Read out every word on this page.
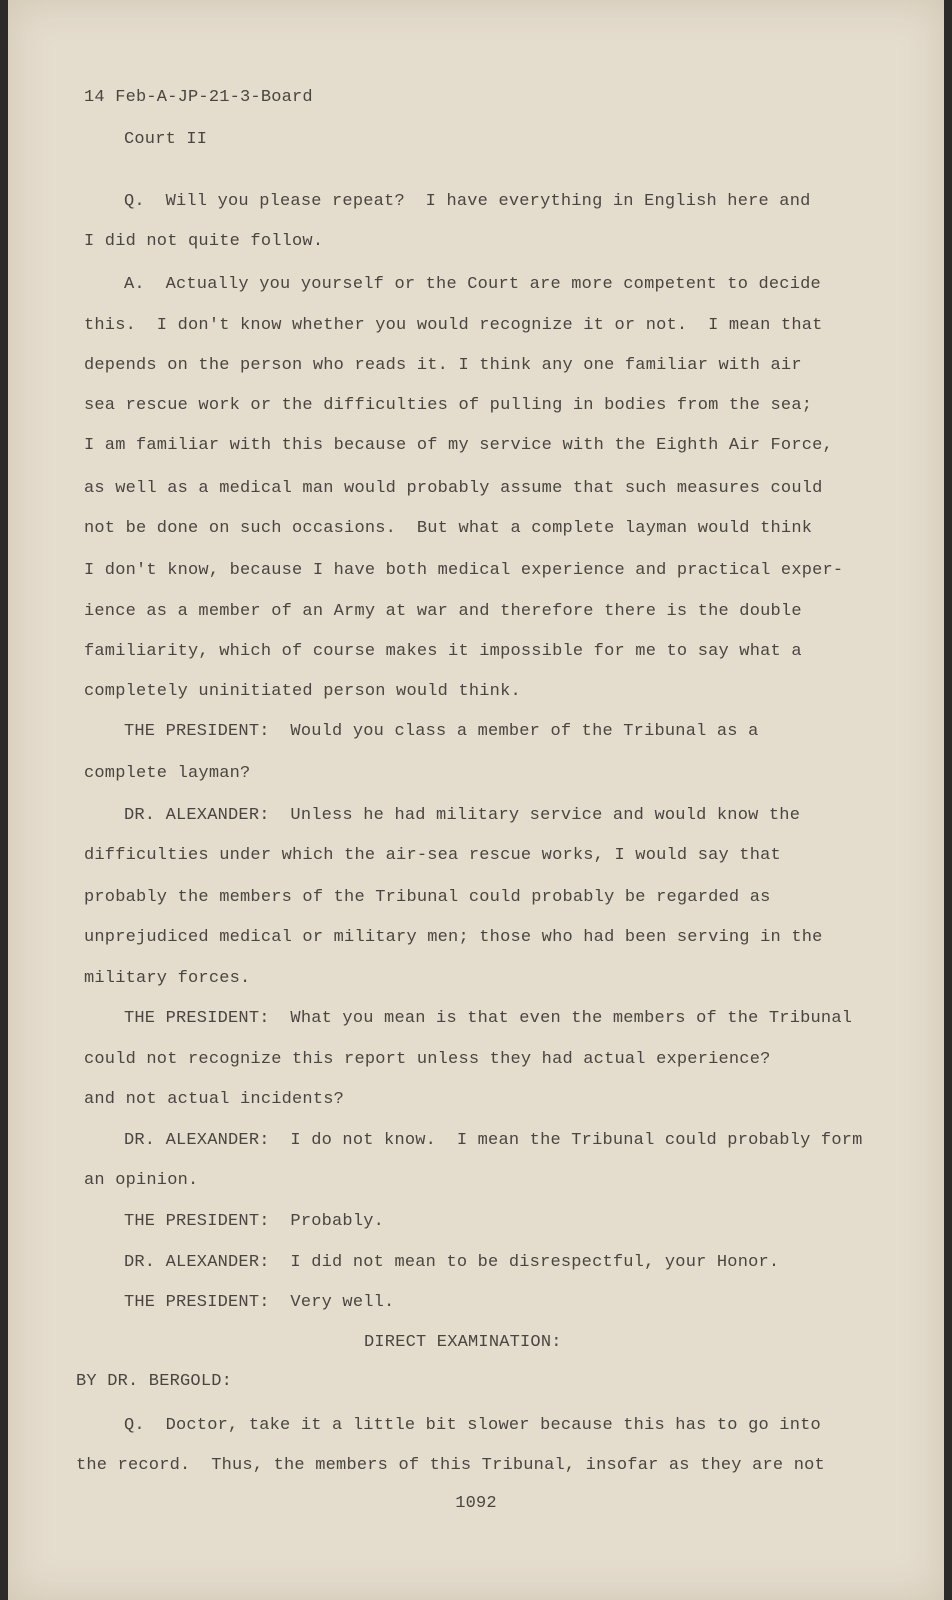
14 Feb-A-JP-21-3-Board
Court II
Q.  Will you please repeat?  I have everything in English here and
I did not quite follow.
A.  Actually you yourself or the Court are more competent to decide
this.  I don't know whether you would recognize it or not.  I mean that
depends on the person who reads it. I think any one familiar with air
sea rescue work or the difficulties of pulling in bodies from the sea;
I am familiar with this because of my service with the Eighth Air Force,
as well as a medical man would probably assume that such measures could
not be done on such occasions.  But what a complete layman would think
I don't know, because I have both medical experience and practical exper-
ience as a member of an Army at war and therefore there is the double
familiarity, which of course makes it impossible for me to say what a
completely uninitiated person would think.
THE PRESIDENT:  Would you class a member of the Tribunal as a
complete layman?
DR. ALEXANDER:  Unless he had military service and would know the
difficulties under which the air-sea rescue works, I would say that
probably the members of the Tribunal could probably be regarded as
unprejudiced medical or military men; those who had been serving in the
military forces.
THE PRESIDENT:  What you mean is that even the members of the Tribunal
could not recognize this report unless they had actual experience?
and not actual incidents?
DR. ALEXANDER:  I do not know.  I mean the Tribunal could probably form
an opinion.
THE PRESIDENT:  Probably.
DR. ALEXANDER:  I did not mean to be disrespectful, your Honor.
THE PRESIDENT:  Very well.
DIRECT EXAMINATION:
BY DR. BERGOLD:
Q.  Doctor, take it a little bit slower because this has to go into
the record.  Thus, the members of this Tribunal, insofar as they are not
1092
